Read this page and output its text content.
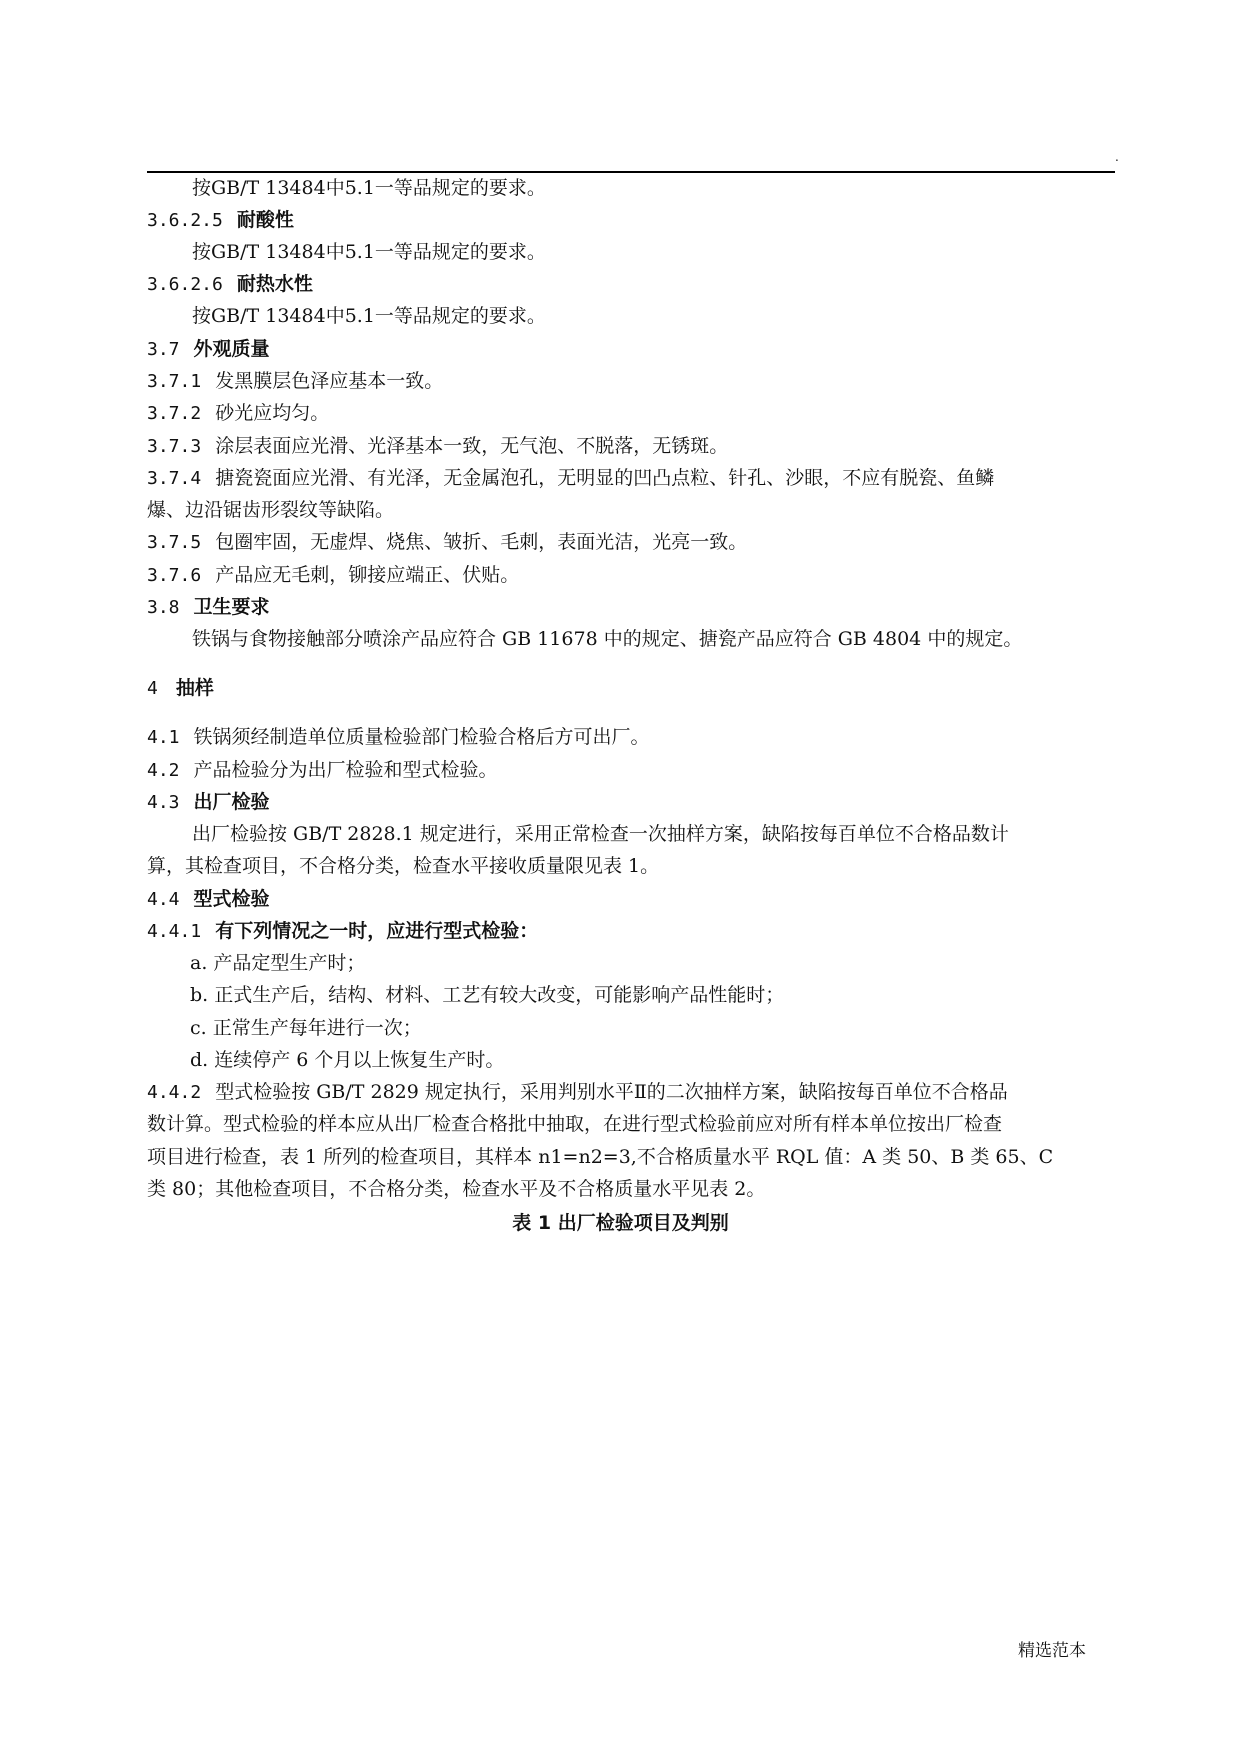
.
按GB/T 13484中5.1一等品规定的要求。
3.6.2.5 耐酸性
按GB/T 13484中5.1一等品规定的要求。
3.6.2.6 耐热水性
按GB/T 13484中5.1一等品规定的要求。
3.7 外观质量
3.7.1 发黑膜层色泽应基本一致。
3.7.2 砂光应均匀。
3.7.3 涂层表面应光滑、光泽基本一致，无气泡、不脱落，无锈斑。
3.7.4 搪瓷瓷面应光滑、有光泽，无金属泡孔，无明显的凹凸点粒、针孔、沙眼，不应有脱瓷、鱼鳞
爆、边沿锯齿形裂纹等缺陷。
3.7.5 包圈牢固，无虚焊、烧焦、皱折、毛刺，表面光洁，光亮一致。
3.7.6 产品应无毛刺，铆接应端正、伏贴。
3.8 卫生要求
铁锅与食物接触部分喷涂产品应符合 GB 11678 中的规定、搪瓷产品应符合 GB 4804 中的规定。
4 抽样
4.1 铁锅须经制造单位质量检验部门检验合格后方可出厂。
4.2 产品检验分为出厂检验和型式检验。
4.3 出厂检验
出厂检验按 GB/T 2828.1 规定进行，采用正常检查一次抽样方案，缺陷按每百单位不合格品数计
算，其检查项目，不合格分类，检查水平接收质量限见表 1。
4.4 型式检验
4.4.1 有下列情况之一时，应进行型式检验：
a. 产品定型生产时；
b. 正式生产后，结构、材料、工艺有较大改变，可能影响产品性能时；
c. 正常生产每年进行一次；
d. 连续停产 6 个月以上恢复生产时。
4.4.2 型式检验按 GB/T 2829 规定执行，采用判别水平Ⅱ的二次抽样方案，缺陷按每百单位不合格品
数计算。型式检验的样本应从出厂检查合格批中抽取，在进行型式检验前应对所有样本单位按出厂检查
项目进行检查，表 1 所列的检查项目，其样本 n1=n2=3,不合格质量水平 RQL 值：A 类 50、B 类 65、C
类 80；其他检查项目，不合格分类，检查水平及不合格质量水平见表 2。
表 1 出厂检验项目及判别
精选范本
